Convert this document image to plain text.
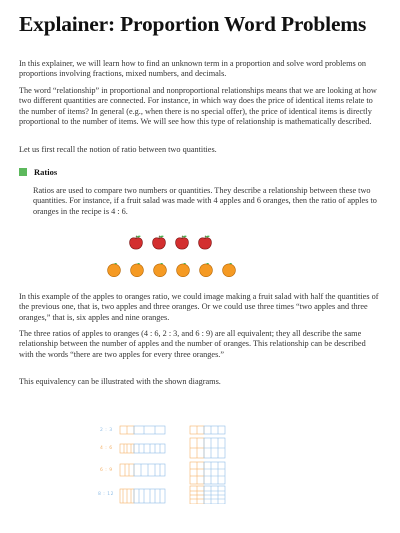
Explainer: Proportion Word Problems

In this explainer, we will learn how to find an unknown term in a proportion and solve word problems on proportions involving fractions, mixed numbers, and decimals.

The word “relationship” in proportional and nonproportional relationships means that we are looking at how two different quantities are connected. For instance, in which way does the price of identical items relate to the number of items? In general (e.g., when there is no special offer), the price of identical items is directly proportional to the number of items. We will see how this type of relationship is mathematically described.

Let us first recall the notion of ratio between two quantities.

Ratios

Ratios are used to compare two numbers or quantities. They describe a relationship between these two quantities. For instance, if a fruit salad was made with 4 apples and 6 oranges, then the ratio of apples to oranges in the recipe is 4 : 6.

In this example of the apples to oranges ratio, we could image making a fruit salad with half the quantities of the previous one, that is, two apples and three oranges. Or we could use three times “two apples and three oranges,” that is, six apples and nine oranges.

The three ratios of apples to oranges (4 : 6, 2 : 3, and 6 : 9) are all equivalent; they all describe the same relationship between the number of apples and the number of oranges. This relationship can be described with the words “there are two apples for every three oranges.”

This equivalency can be illustrated with the shown diagrams.

2 : 3
4 : 6
6 : 9
8 : 12
